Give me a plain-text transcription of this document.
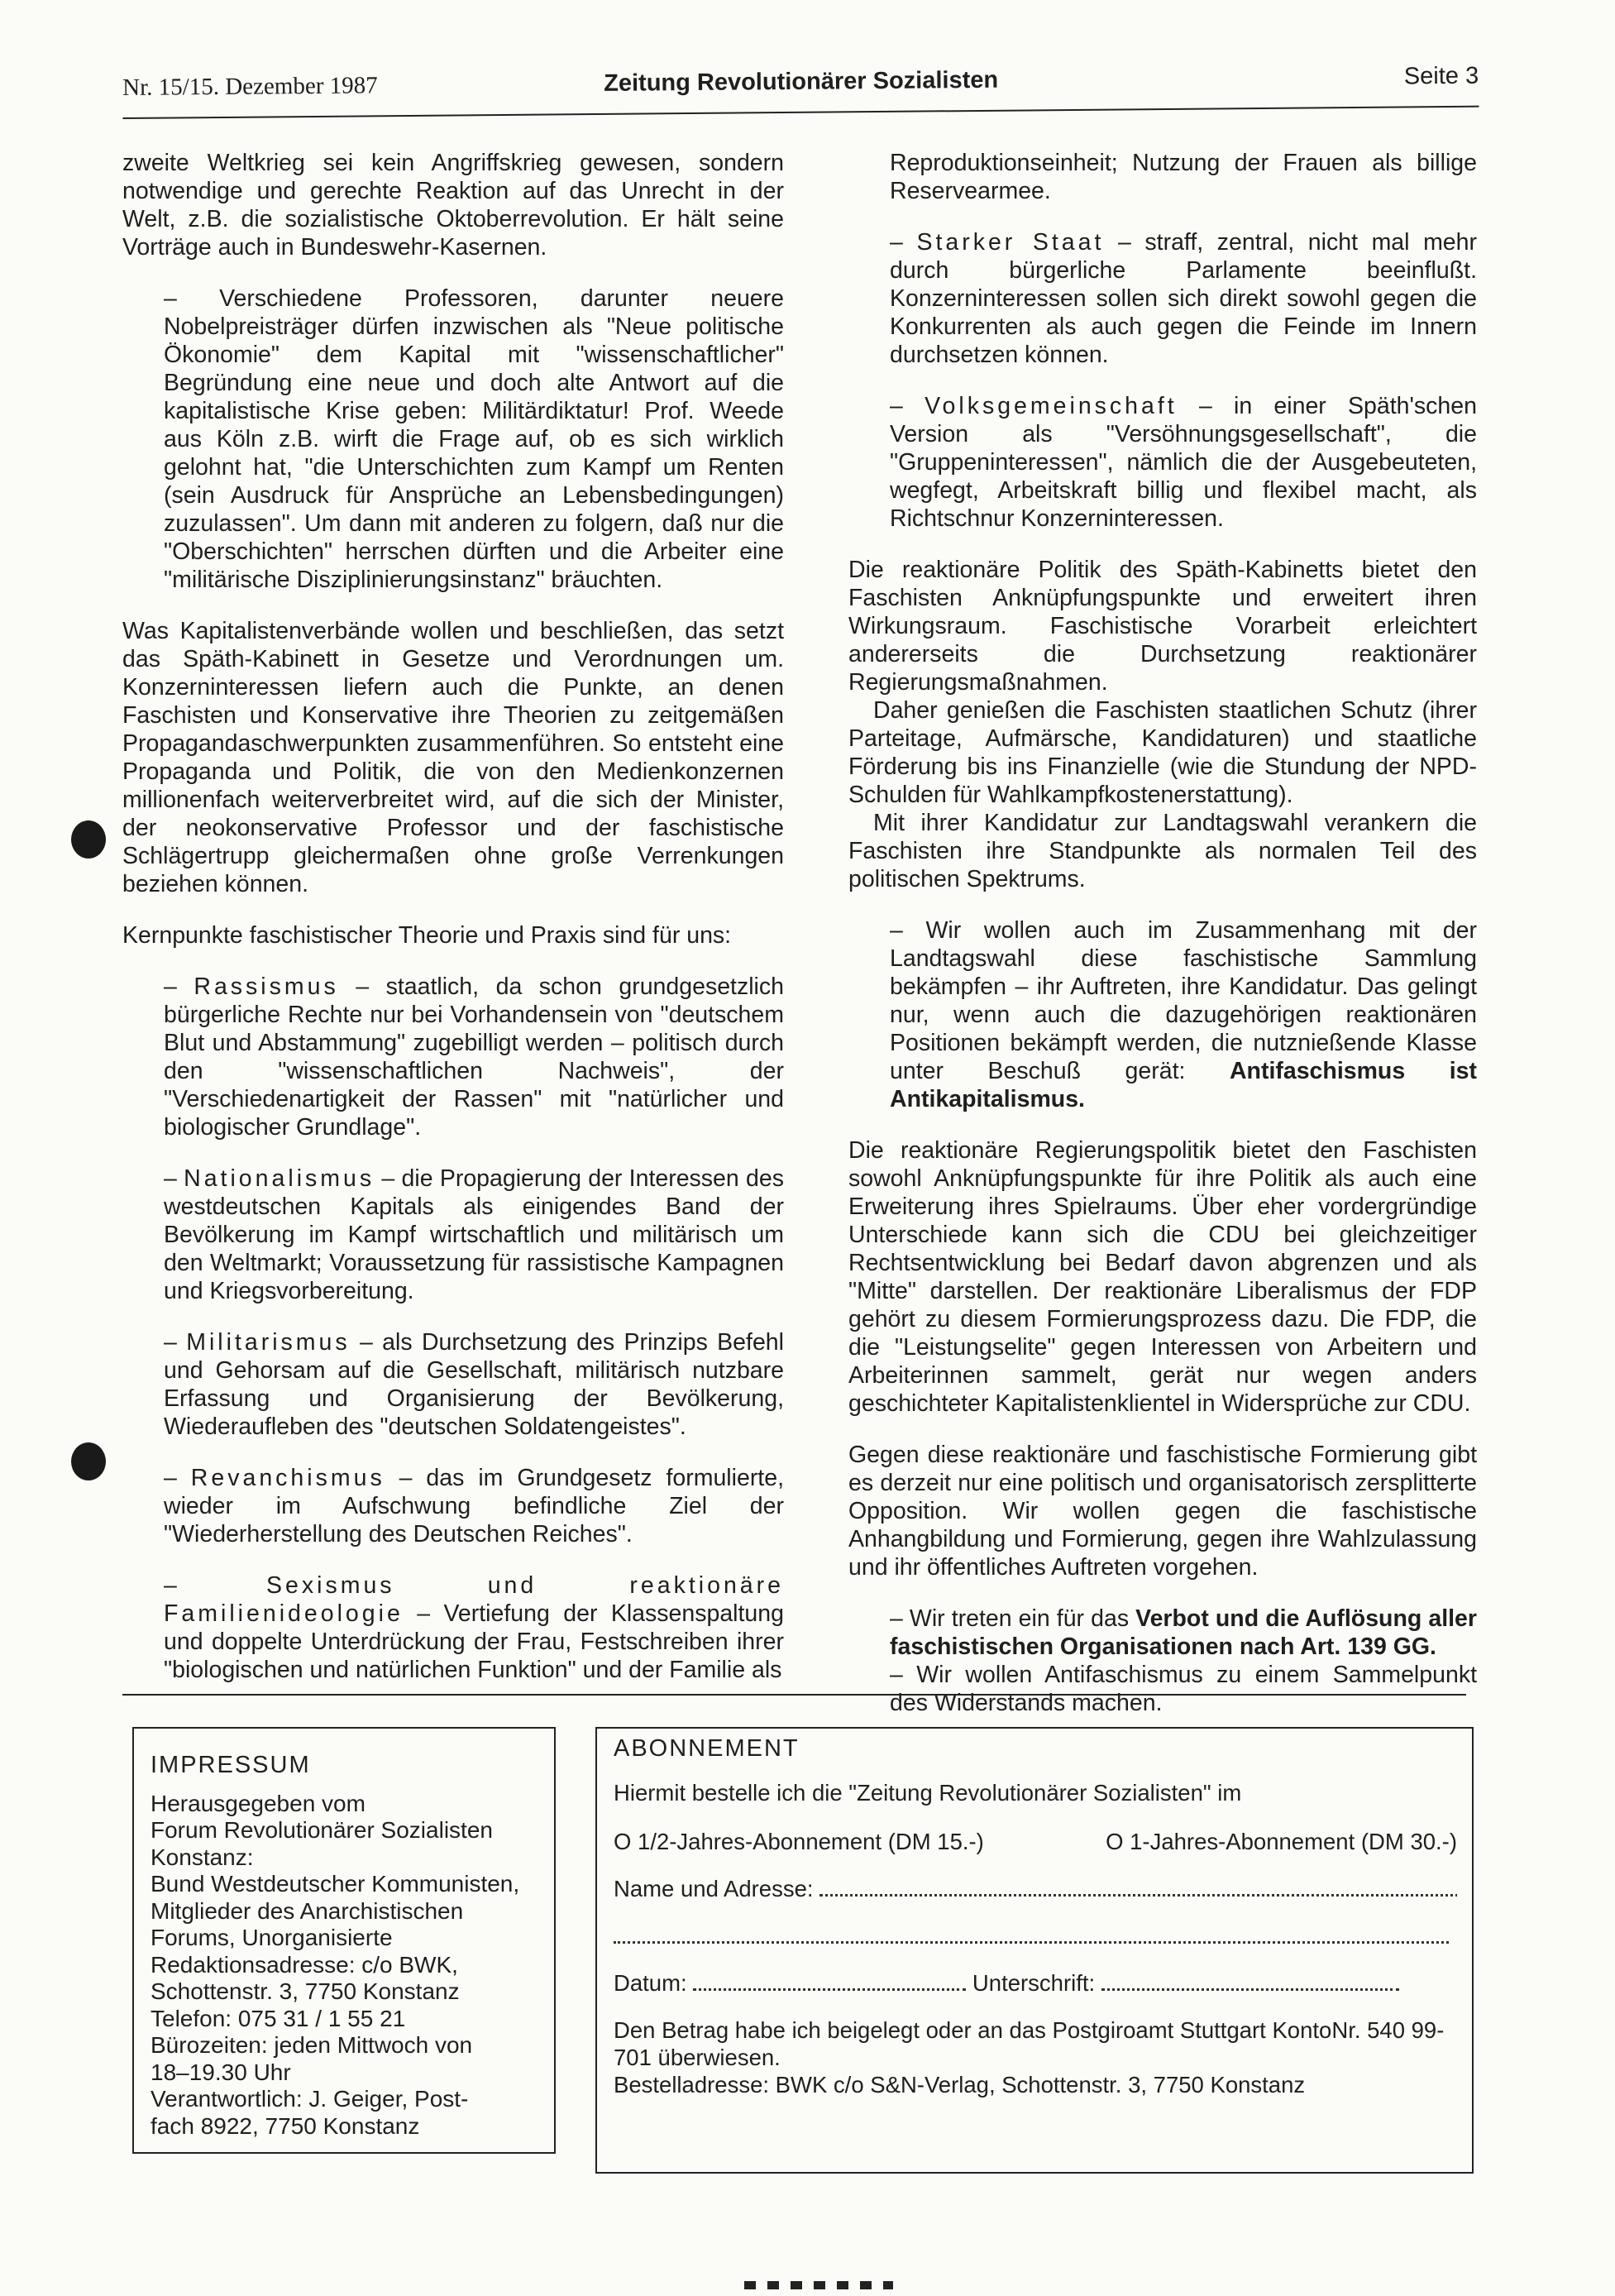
Nr. 15/15. Dezember 1987	Zeitung Revolutionärer Sozialisten	Seite 3

zweite Weltkrieg sei kein Angriffskrieg gewesen, sondern notwendige und gerechte Reaktion auf das Unrecht in der Welt, z.B. die sozialistische Oktoberrevolution. Er hält seine Vorträge auch in Bundeswehr-Kasernen.

– Verschiedene Professoren, darunter neuere Nobelpreisträger dürfen inzwischen als "Neue politische Ökonomie" dem Kapital mit "wissenschaftlicher" Begründung eine neue und doch alte Antwort auf die kapitalistische Krise geben: Militärdiktatur! Prof. Weede aus Köln z.B. wirft die Frage auf, ob es sich wirklich gelohnt hat, "die Unterschichten zum Kampf um Renten (sein Ausdruck für Ansprüche an Lebensbedingungen) zuzulassen". Um dann mit anderen zu folgern, daß nur die "Oberschichten" herrschen dürften und die Arbeiter eine "militärische Disziplinierungsinstanz" bräuchten.

Was Kapitalistenverbände wollen und beschließen, das setzt das Späth-Kabinett in Gesetze und Verordnungen um. Konzerninteressen liefern auch die Punkte, an denen Faschisten und Konservative ihre Theorien zu zeitgemäßen Propagandaschwerpunkten zusammenführen. So entsteht eine Propaganda und Politik, die von den Medienkonzernen millionenfach weiterverbreitet wird, auf die sich der Minister, der neokonservative Professor und der faschistische Schlägertrupp gleichermaßen ohne große Verrenkungen beziehen können.

Kernpunkte faschistischer Theorie und Praxis sind für uns:

– Rassismus – staatlich, da schon grundgesetzlich bürgerliche Rechte nur bei Vorhandensein von "deutschem Blut und Abstammung" zugebilligt werden – politisch durch den "wissenschaftlichen Nachweis", der "Verschiedenartigkeit der Rassen" mit "natürlicher und biologischer Grundlage".

– Nationalismus – die Propagierung der Interessen des westdeutschen Kapitals als einigendes Band der Bevölkerung im Kampf wirtschaftlich und militärisch um den Weltmarkt; Voraussetzung für rassistische Kampagnen und Kriegsvorbereitung.

– Militarismus – als Durchsetzung des Prinzips Befehl und Gehorsam auf die Gesellschaft, militärisch nutzbare Erfassung und Organisierung der Bevölkerung, Wiederaufleben des "deutschen Soldatengeistes".

– Revanchismus – das im Grundgesetz formulierte, wieder im Aufschwung befindliche Ziel der "Wiederherstellung des Deutschen Reiches".

– Sexismus und reaktionäre Familienideologie – Vertiefung der Klassenspaltung und doppelte Unterdrückung der Frau, Festschreiben ihrer "biologischen und natürlichen Funktion" und der Familie als

Reproduktionseinheit; Nutzung der Frauen als billige Reservearmee.

– Starker Staat – straff, zentral, nicht mal mehr durch bürgerliche Parlamente beeinflußt. Konzerninteressen sollen sich direkt sowohl gegen die Konkurrenten als auch gegen die Feinde im Innern durchsetzen können.

– Volksgemeinschaft – in einer Späth'schen Version als "Versöhnungsgesellschaft", die "Gruppeninteressen", nämlich die der Ausgebeuteten, wegfegt, Arbeitskraft billig und flexibel macht, als Richtschnur Konzerninteressen.

Die reaktionäre Politik des Späth-Kabinetts bietet den Faschisten Anknüpfungspunkte und erweitert ihren Wirkungsraum. Faschistische Vorarbeit erleichtert andererseits die Durchsetzung reaktionärer Regierungsmaßnahmen.

Daher genießen die Faschisten staatlichen Schutz (ihrer Parteitage, Aufmärsche, Kandidaturen) und staatliche Förderung bis ins Finanzielle (wie die Stundung der NPD-Schulden für Wahlkampfkostenerstattung).

Mit ihrer Kandidatur zur Landtagswahl verankern die Faschisten ihre Standpunkte als normalen Teil des politischen Spektrums.

– Wir wollen auch im Zusammenhang mit der Landtagswahl diese faschistische Sammlung bekämpfen – ihr Auftreten, ihre Kandidatur. Das gelingt nur, wenn auch die dazugehörigen reaktionären Positionen bekämpft werden, die nutznießende Klasse unter Beschuß gerät: Antifaschismus ist Antikapitalismus.

Die reaktionäre Regierungspolitik bietet den Faschisten sowohl Anknüpfungspunkte für ihre Politik als auch eine Erweiterung ihres Spielraums. Über eher vordergründige Unterschiede kann sich die CDU bei gleichzeitiger Rechtsentwicklung bei Bedarf davon abgrenzen und als "Mitte" darstellen. Der reaktionäre Liberalismus der FDP gehört zu diesem Formierungsprozess dazu. Die FDP, die die "Leistungselite" gegen Interessen von Arbeitern und Arbeiterinnen sammelt, gerät nur wegen anders geschichteter Kapitalistenklientel in Widersprüche zur CDU.

Gegen diese reaktionäre und faschistische Formierung gibt es derzeit nur eine politisch und organisatorisch zersplitterte Opposition. Wir wollen gegen die faschistische Anhangbildung und Formierung, gegen ihre Wahlzulassung und ihr öffentliches Auftreten vorgehen.

– Wir treten ein für das Verbot und die Auflösung aller faschistischen Organisationen nach Art. 139 GG.

– Wir wollen Antifaschismus zu einem Sammelpunkt des Widerstands machen.

IMPRESSUM
Herausgegeben vom
Forum Revolutionärer Sozialisten
Konstanz:
Bund Westdeutscher Kommunisten,
Mitglieder des Anarchistischen
Forums, Unorganisierte
Redaktionsadresse: c/o BWK,
Schottenstr. 3, 7750 Konstanz
Telefon: 075 31 / 1 55 21
Bürozeiten: jeden Mittwoch von
18–19.30 Uhr
Verantwortlich: J. Geiger, Post-
fach 8922, 7750 Konstanz
ABONNEMENT
Hiermit bestelle ich die "Zeitung Revolutionärer Sozialisten" im
O 1/2-Jahres-Abonnement (DM 15.-)	O 1-Jahres-Abonnement (DM 30.-)
Name und Adresse:
Datum:	Unterschrift:
Den Betrag habe ich beigelegt oder an das Postgiroamt Stuttgart KontoNr. 540 99-701 überwiesen.
Bestelladresse: BWK c/o S&N-Verlag, Schottenstr. 3, 7750 Konstanz
